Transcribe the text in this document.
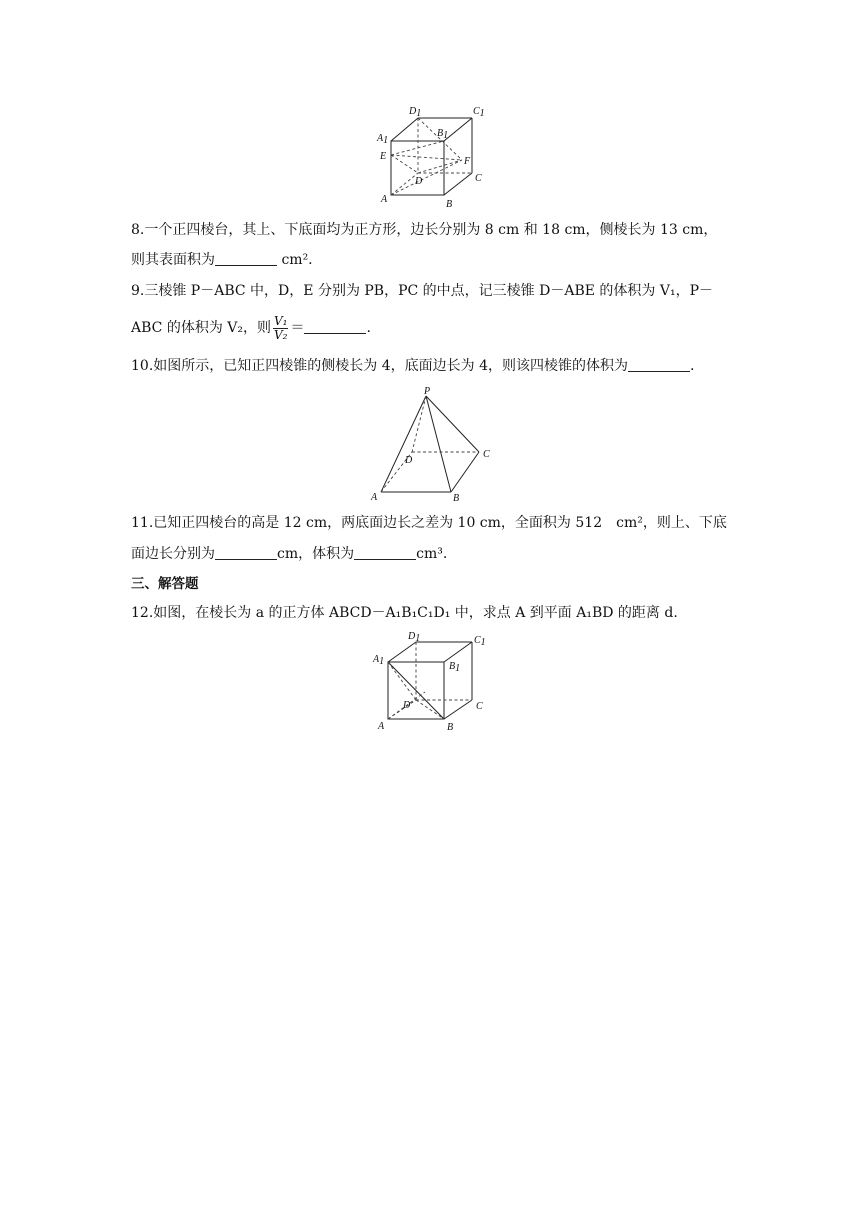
D1	C1
A1
B1
E	F
D	C
A	B
8.一个正四棱台，其上、下底面均为正方形，边长分别为 8 cm 和 18 cm，侧棱长为 13 cm，
则其表面积为	cm².
9.三棱锥 P－ABC 中，D，E 分别为 PB，PC 的中点，记三棱锥 D－ABE 的体积为 V₁，P－
ABC 的体积为 V₂，则 $\frac{\text{V₁}}{\text{V₂}}$ ＝	.
10.如图所示，已知正四棱锥的侧棱长为 4，底面边长为 4，则该四棱锥的体积为	.
P
D
C
A	B
11.已知正四棱台的高是 12 cm，两底面边长之差为 10 cm，全面积为 512　cm²，则上、下底
面边长分别为	cm，体积为	cm³.
三、解答题
12.如图，在棱长为 a 的正方体 ABCD－A₁B₁C₁D₁ 中，求点 A 到平面 A₁BD 的距离 d.
D1	C1
A1	B1
D	C
A	B
